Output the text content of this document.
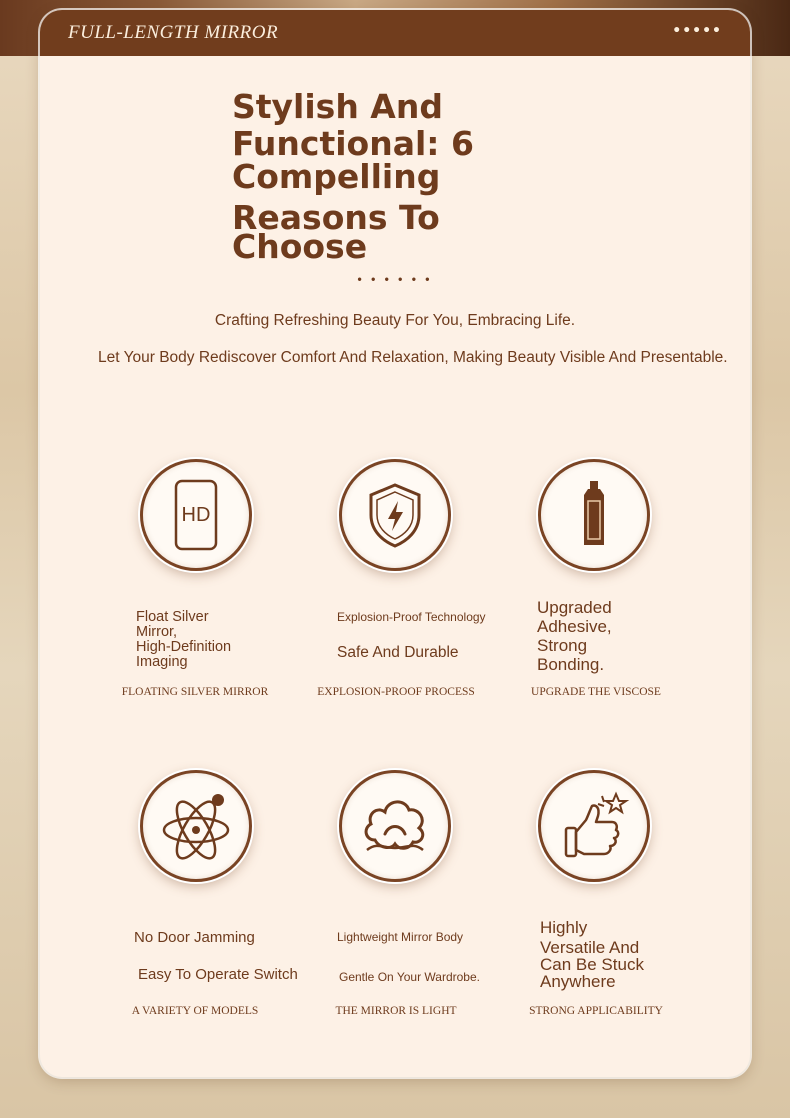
FULL-LENGTH MIRROR	•••••
Stylish And
Functional: 6
Compelling
Reasons To
Choose
• • • • • •
Crafting Refreshing Beauty For You, Embracing Life.
Let Your Body Rediscover Comfort And Relaxation, Making Beauty Visible And Presentable.
HD
Float Silver
Mirror,
High-Definition
Imaging
FLOATING SILVER MIRROR
Explosion-Proof Technology
Safe And Durable
EXPLOSION-PROOF PROCESS
Upgraded
Adhesive,
Strong
Bonding.
UPGRADE THE VISCOSE
No Door Jamming
Easy To Operate Switch
A VARIETY OF MODELS
Lightweight Mirror Body
Gentle On Your Wardrobe.
THE MIRROR IS LIGHT
Highly
Versatile And
Can Be Stuck
Anywhere
STRONG APPLICABILITY
